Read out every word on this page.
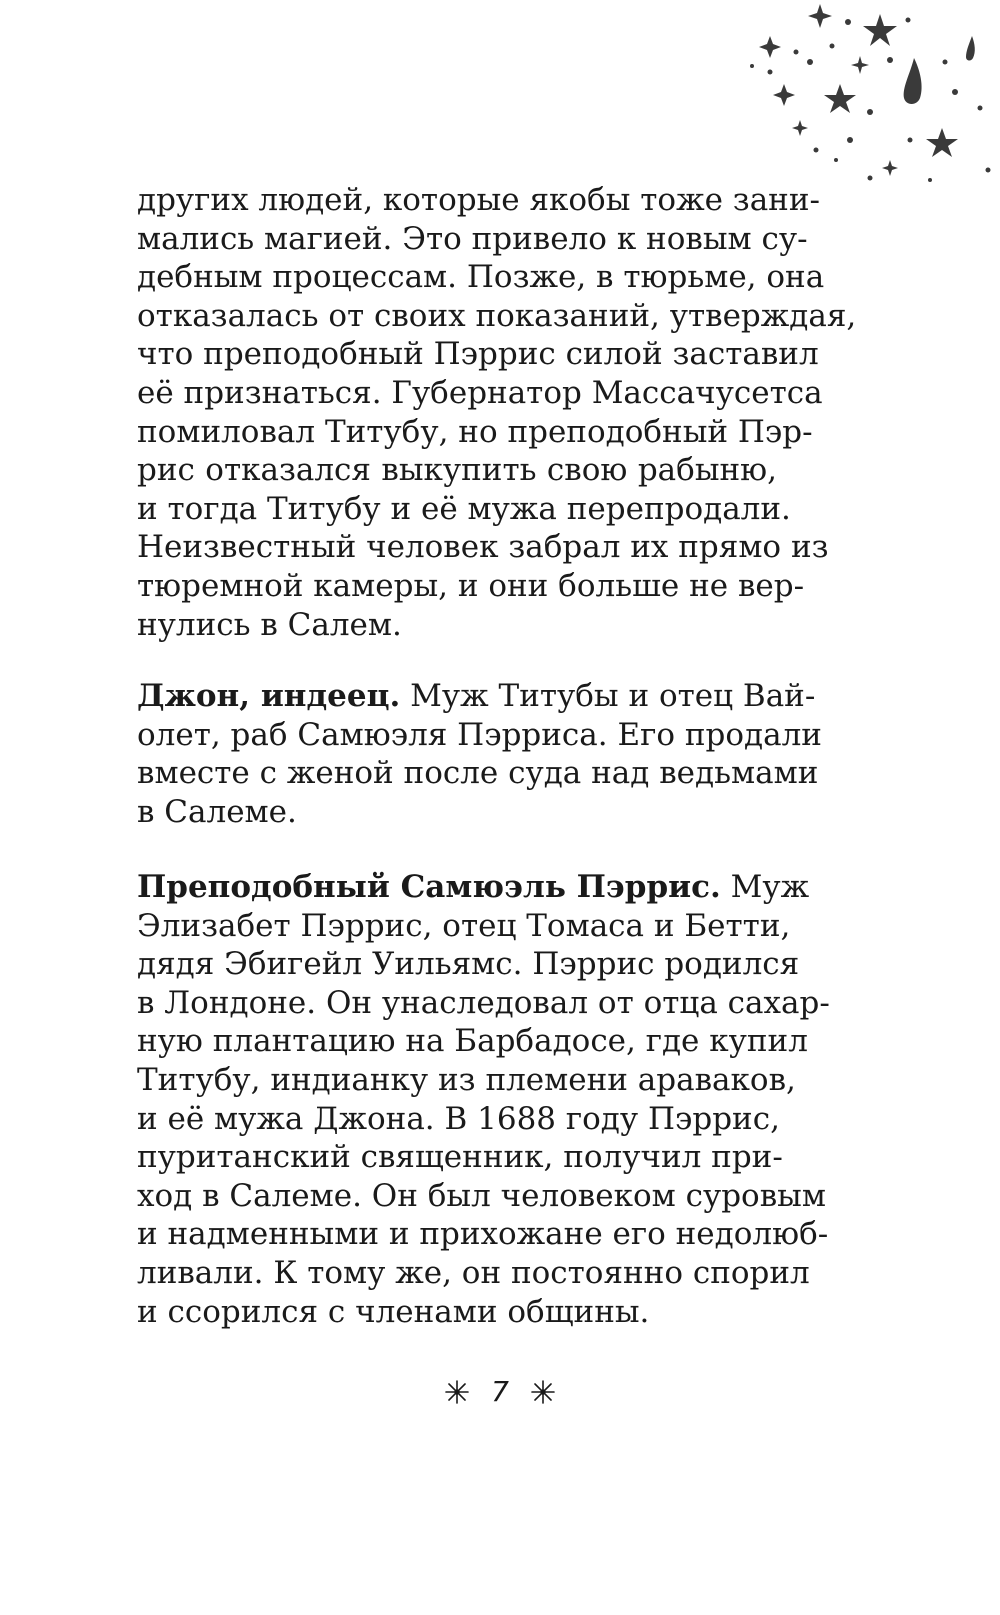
других людей, которые якобы тоже зани-
мались магией. Это привело к новым су-
дебным процессам. Позже, в тюрьме, она
отказалась от своих показаний, утверждая,
что преподобный Пэррис силой заставил
её признаться. Губернатор Массачусетса
помиловал Титубу, но преподобный Пэр-
рис отказался выкупить свою рабыню,
и тогда Титубу и её мужа перепродали.
Неизвестный человек забрал их прямо из
тюремной камеры, и они больше не вер-
нулись в Салем.
Джон, индеец. Муж Титубы и отец Вай-
олет, раб Самюэля Пэрриса. Его продали
вместе с женой после суда над ведьмами
в Салеме.
Преподобный Самюэль Пэррис. Муж
Элизабет Пэррис, отец Томаса и Бетти,
дядя Эбигейл Уильямс. Пэррис родился
в Лондоне. Он унаследовал от отца сахар-
ную плантацию на Барбадосе, где купил
Титубу, индианку из племени араваков,
и её мужа Джона. В 1688 году Пэррис,
пуританский священник, получил при-
ход в Салеме. Он был человеком суровым
и надменными и прихожане его недолюб-
ливали. К тому же, он постоянно спорил
и ссорился с членами общины.
7
